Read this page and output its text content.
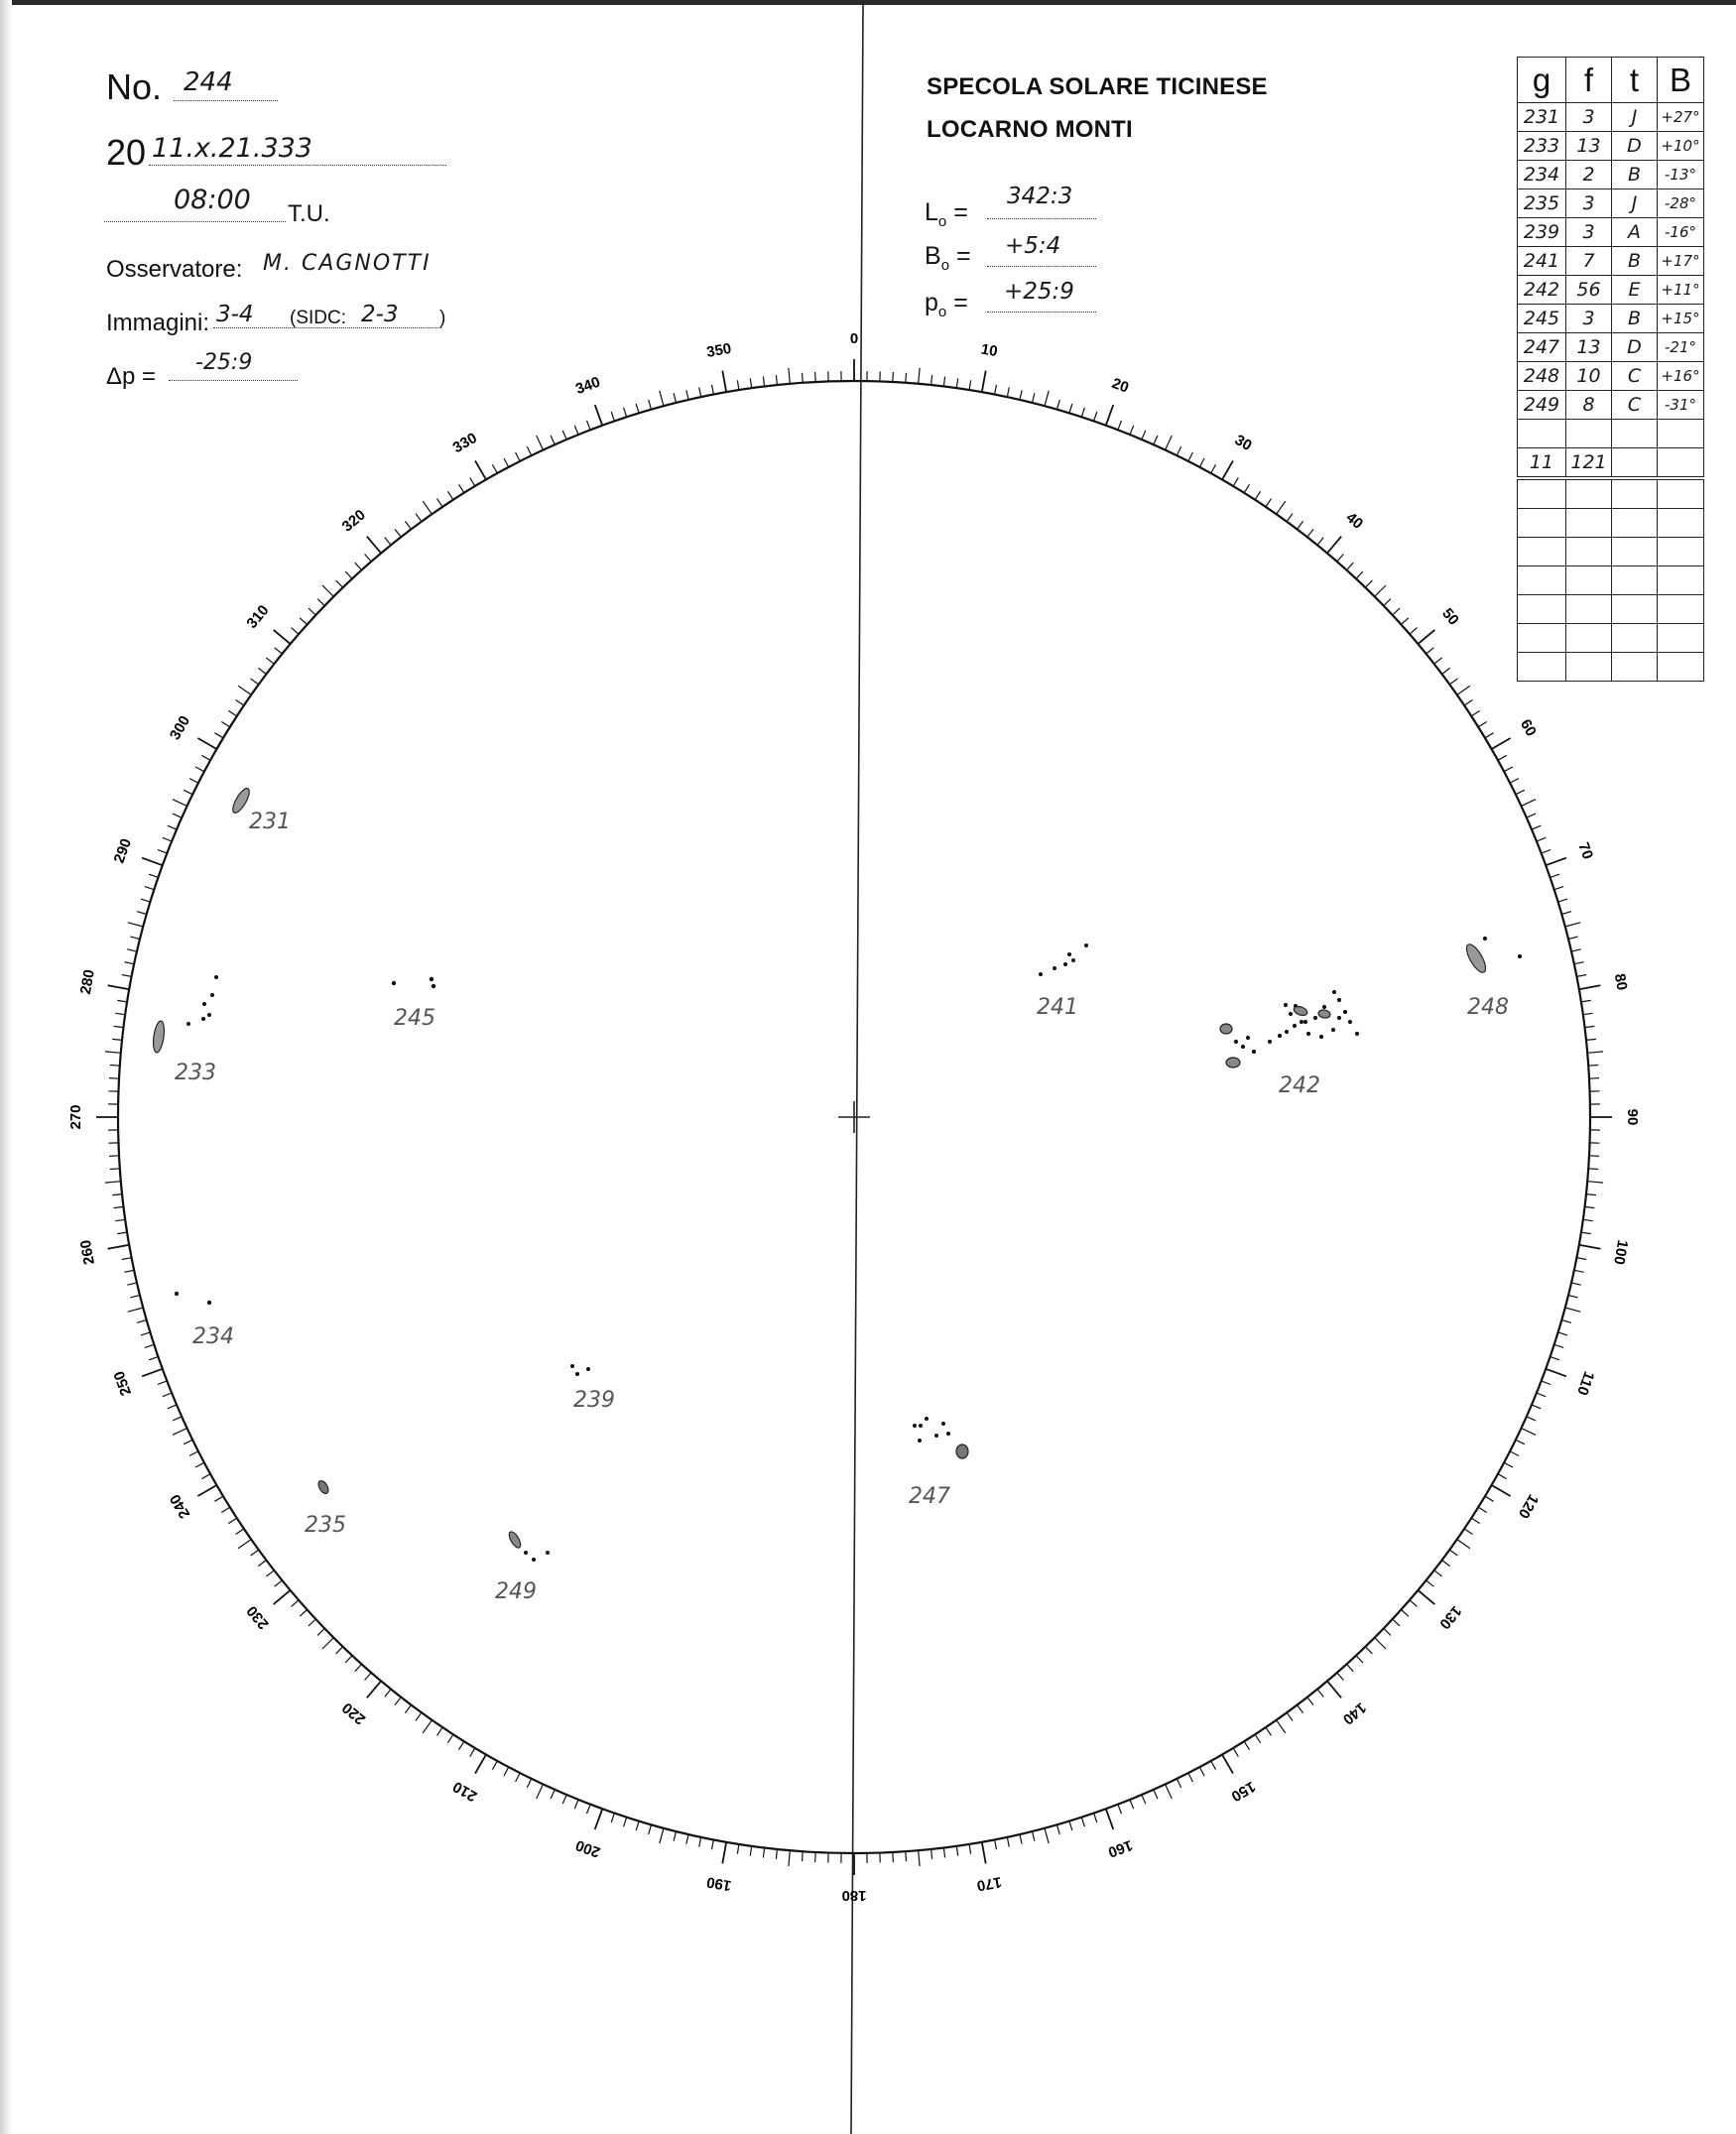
No. 244
20 11.x.21.333
08:00 T.U.
Osservatore: M. CAGNOTTI
Immagini: 3-4 (SIDC: 2-3 )
Δp =
-25:9
SPECOLA SOLARE TICINESE
LOCARNO MONTI
$L_o$ =
342:3
$B_o$ = +5:4
$p_o$ = +25:9
g	f	t	B
231	3	J	+27°
233	13	D	+10°
234	2	B	-13°
235	3	J	-28°
239	3	A	-16°
241	7	B	+17°
242	56	E	+11°
245	3	B	+15°
247	13	D	-21°
248	10	C	+16°
249	8	C	-31°

11	121		

0
10
20
30
40
50
60
70
80
90
100
110
120
130
140
150
160
170
180
190
200
210
220
230
240
250
260
270
280
290
300
310
320
330
340
350
231
233
234
235
239
241
242
245
247
248
249
